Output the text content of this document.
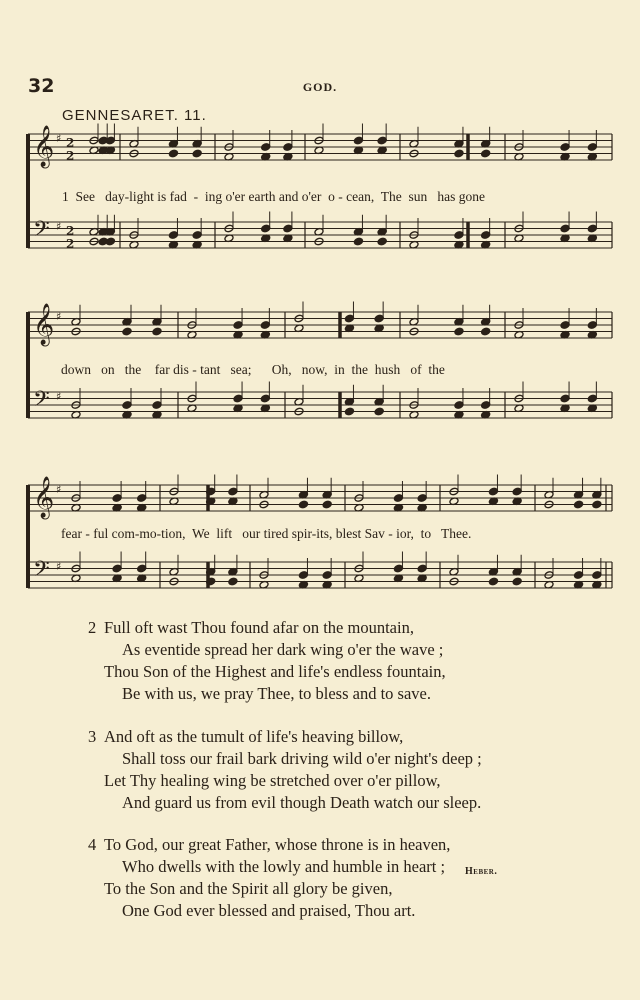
32	GOD.
GENNESARET. 11.
𝄞 ♯ 2
2
𝄢 ♯ 2
2
𝄞 ♯
𝄢 ♯
𝄞 ♯
𝄢 ♯
1  See   day-light is fad  -  ing o'er earth and o'er  o - cean,  The  sun   has gone
down   on   the    far dis - tant   sea;      Oh,   now,  in  the  hush   of  the
fear - ful com-mo-tion,  We  lift   our tired spir-its, blest Sav - ior,  to   Thee.
2 Full oft wast Thou found afar on the mountain,
As eventide spread her dark wing o'er the wave ;
Thou Son of the Highest and life's endless fountain,
Be with us, we pray Thee, to bless and to save.
3 And oft as the tumult of life's heaving billow,
Shall toss our frail bark driving wild o'er night's deep ;
Let Thy healing wing be stretched over o'er pillow,
And guard us from evil though Death watch our sleep.
4 To God, our great Father, whose throne is in heaven,
Who dwells with the lowly and humble in heart ;
To the Son and the Spirit all glory be given,
One God ever blessed and praised, Thou art.
Heber.
